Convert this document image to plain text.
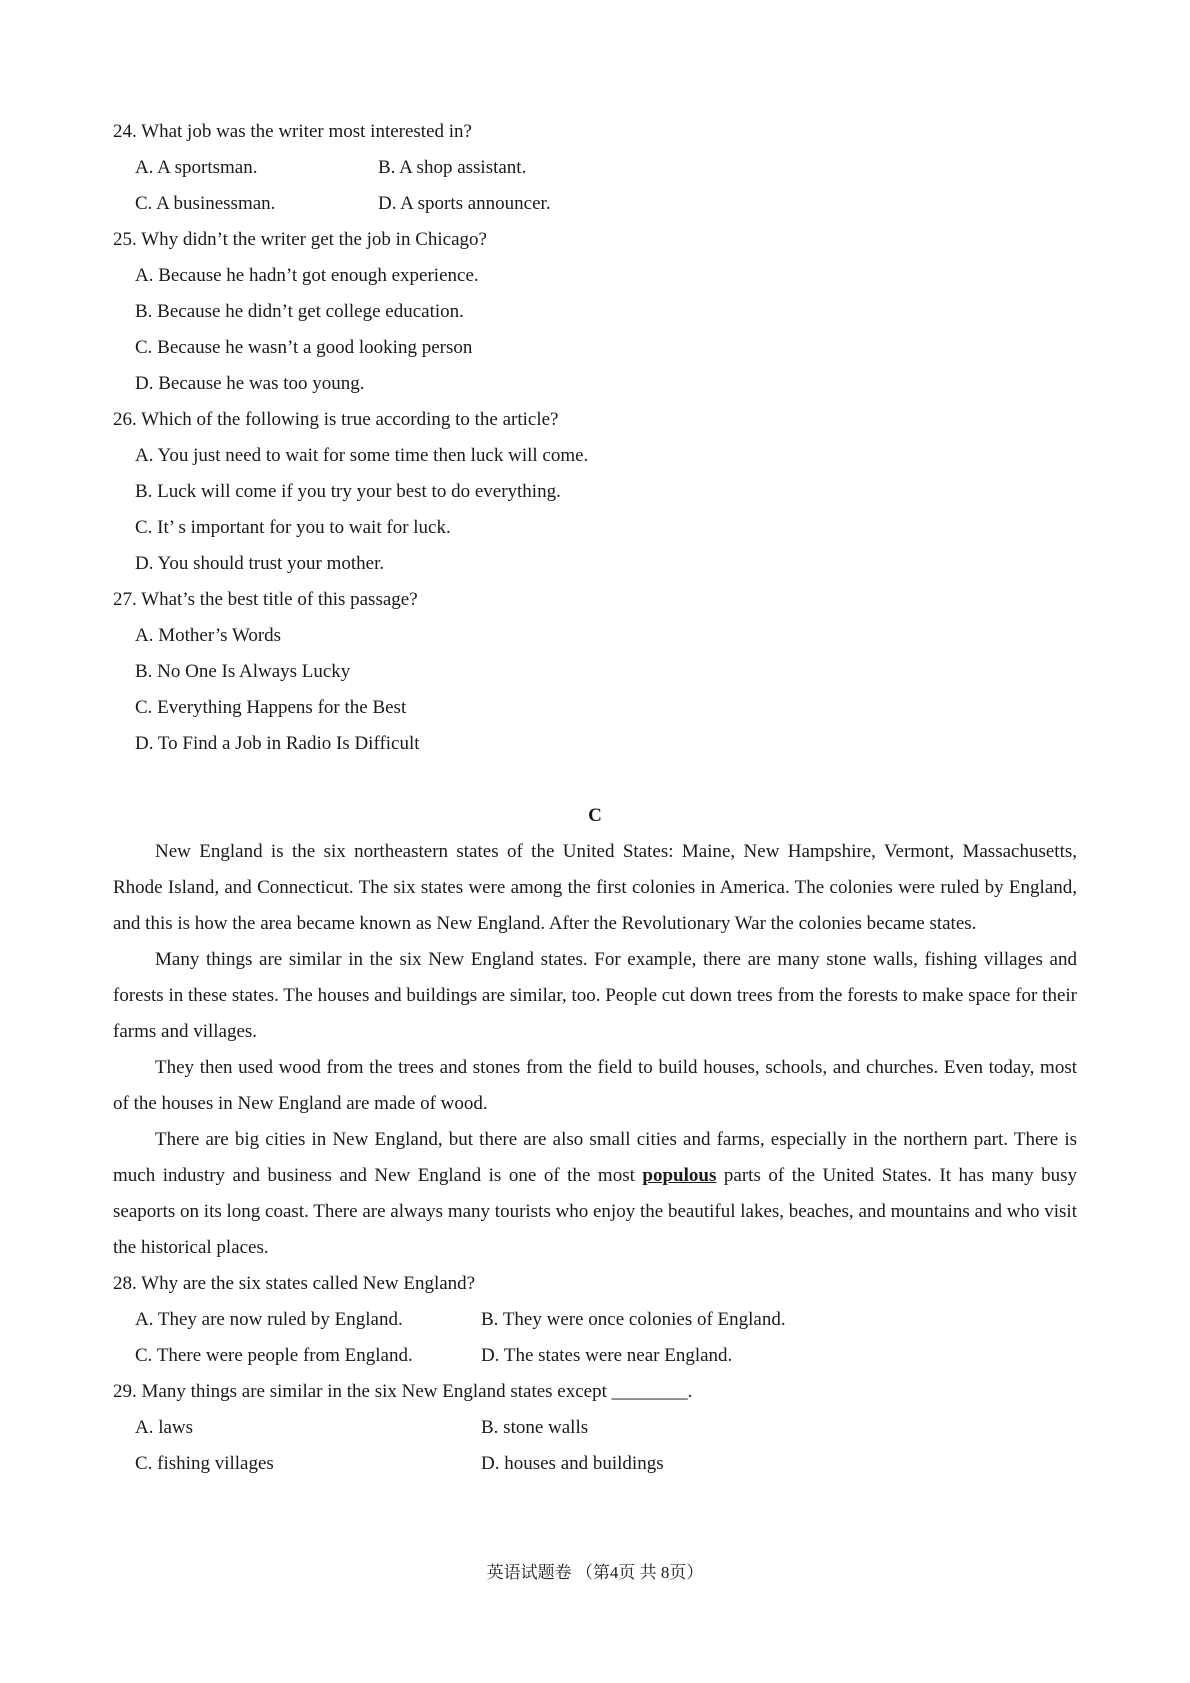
24. What job was the writer most interested in?
A. A sportsman.	B. A shop assistant.
C. A businessman.	D. A sports announcer.
25. Why didn’t the writer get the job in Chicago?
A. Because he hadn’t got enough experience.
B. Because he didn’t get college education.
C. Because he wasn’t a good looking person
D. Because he was too young.
26. Which of the following is true according to the article?
A. You just need to wait for some time then luck will come.
B. Luck will come if you try your best to do everything.
C. It’ s important for you to wait for luck.
D. You should trust your mother.
27. What’s the best title of this passage?
A. Mother’s Words
B. No One Is Always Lucky
C. Everything Happens for the Best
D. To Find a Job in Radio Is Difficult
C

New England is the six northeastern states of the United States: Maine, New Hampshire, Vermont, Massachusetts, Rhode Island, and Connecticut. The six states were among the first colonies in America. The colonies were ruled by England, and this is how the area became known as New England. After the Revolutionary War the colonies became states.

Many things are similar in the six New England states. For example, there are many stone walls, fishing villages and forests in these states. The houses and buildings are similar, too. People cut down trees from the forests to make space for their farms and villages.

They then used wood from the trees and stones from the field to build houses, schools, and churches. Even today, most of the houses in New England are made of wood.

There are big cities in New England, but there are also small cities and farms, especially in the northern part. There is much industry and business and New England is one of the most populous parts of the United States. It has many busy seaports on its long coast. There are always many tourists who enjoy the beautiful lakes, beaches, and mountains and who visit the historical places.

28. Why are the six states called New England?
A. They are now ruled by England.	B. They were once colonies of England.
C. There were people from England.	D. The states were near England.
29. Many things are similar in the six New England states except ________.
A. laws	B. stone walls
C. fishing villages	D. houses and buildings
英语试题卷 （第4页 共 8页）
